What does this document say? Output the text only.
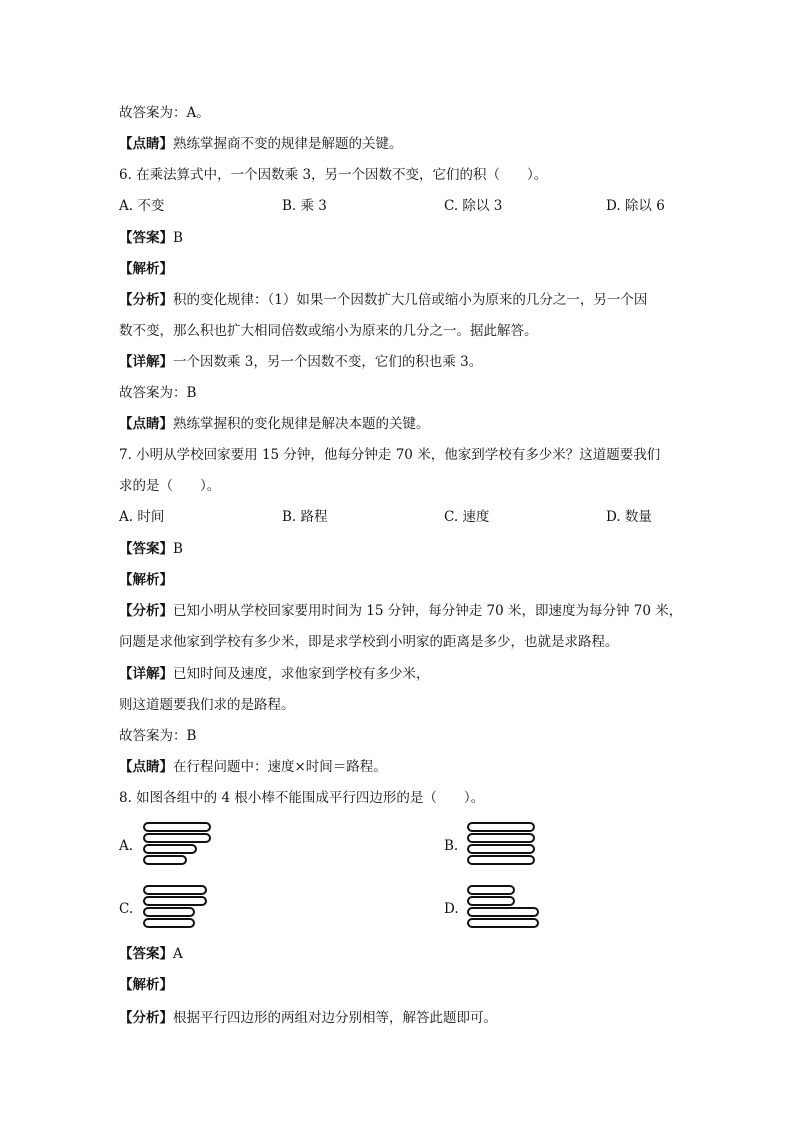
故答案为：A。
【点睛】熟练掌握商不变的规律是解题的关键。
6. 在乘法算式中，一个因数乘 3，另一个因数不变，它们的积（　　）。
A. 不变	B. 乘 3	C. 除以 3	D. 除以 6
【答案】B
【解析】
【分析】积的变化规律：（1）如果一个因数扩大几倍或缩小为原来的几分之一，另一个因
数不变，那么积也扩大相同倍数或缩小为原来的几分之一。据此解答。
【详解】一个因数乘 3，另一个因数不变，它们的积也乘 3。
故答案为：B
【点睛】熟练掌握积的变化规律是解决本题的关键。
7. 小明从学校回家要用 15 分钟，他每分钟走 70 米，他家到学校有多少米？这道题要我们
求的是（　　）。
A. 时间	B. 路程	C. 速度	D. 数量
【答案】B
【解析】
【分析】已知小明从学校回家要用时间为 15 分钟，每分钟走 70 米，即速度为每分钟 70 米，
问题是求他家到学校有多少米，即是求学校到小明家的距离是多少，也就是求路程。
【详解】已知时间及速度，求他家到学校有多少米，
则这道题要我们求的是路程。
故答案为：B
【点睛】在行程问题中：速度×时间＝路程。
8. 如图各组中的 4 根小棒不能围成平行四边形的是（　　）。
A.	B.
C.	D.
【答案】A
【解析】
【分析】根据平行四边形的两组对边分别相等，解答此题即可。
